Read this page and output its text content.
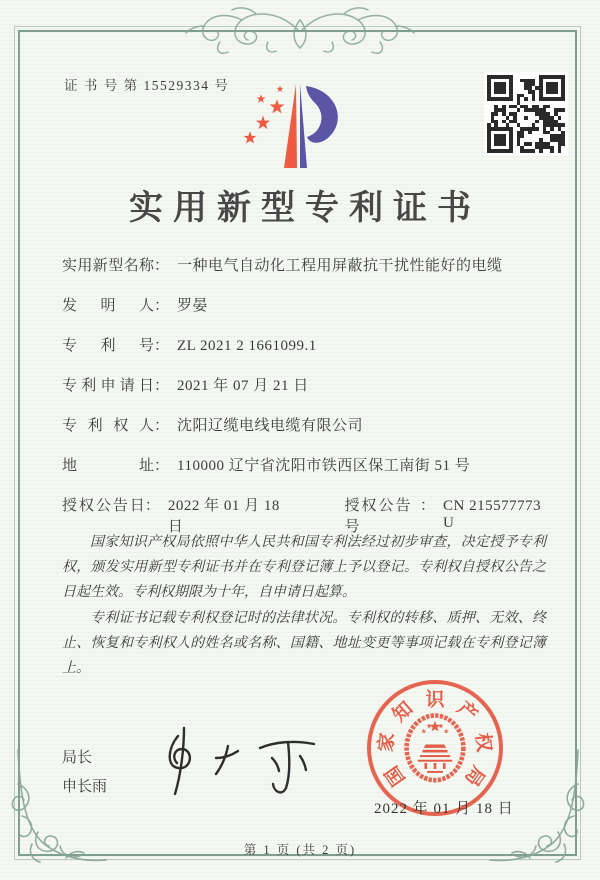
证 书 号 第 15529334 号
实用新型专利证书
实用新型名称 ： 一种电气自动化工程用屏蔽抗干扰性能好的电缆
发明人 ： 罗晏
专利号 ： ZL 2021 2 1661099.1
专利申请日 ： 2021 年 07 月 21 日
专利权人 ： 沈阳辽缆电线电缆有限公司
地址 ： 110000 辽宁省沈阳市铁西区保工南街 51 号
授权公告日 ： 2022 年 01 月 18 日
授权公告号
： CN 215577773 U

国家知识产权局依照中华人民共和国专利法经过初步审查，决定授予专利权，颁发实用新型专利证书并在专利登记簿上予以登记。专利权自授权公告之日起生效。专利权期限为十年，自申请日起算。

专利证书记载专利权登记时的法律状况。专利权的转移、质押、无效、终止、恢复和专利权人的姓名或名称、国籍、地址变更等事项记载在专利登记簿上。

局长
申长雨	国
家
知 识 产
权
局
2022 年 01 月 18 日
第 1 页 (共 2 页)
